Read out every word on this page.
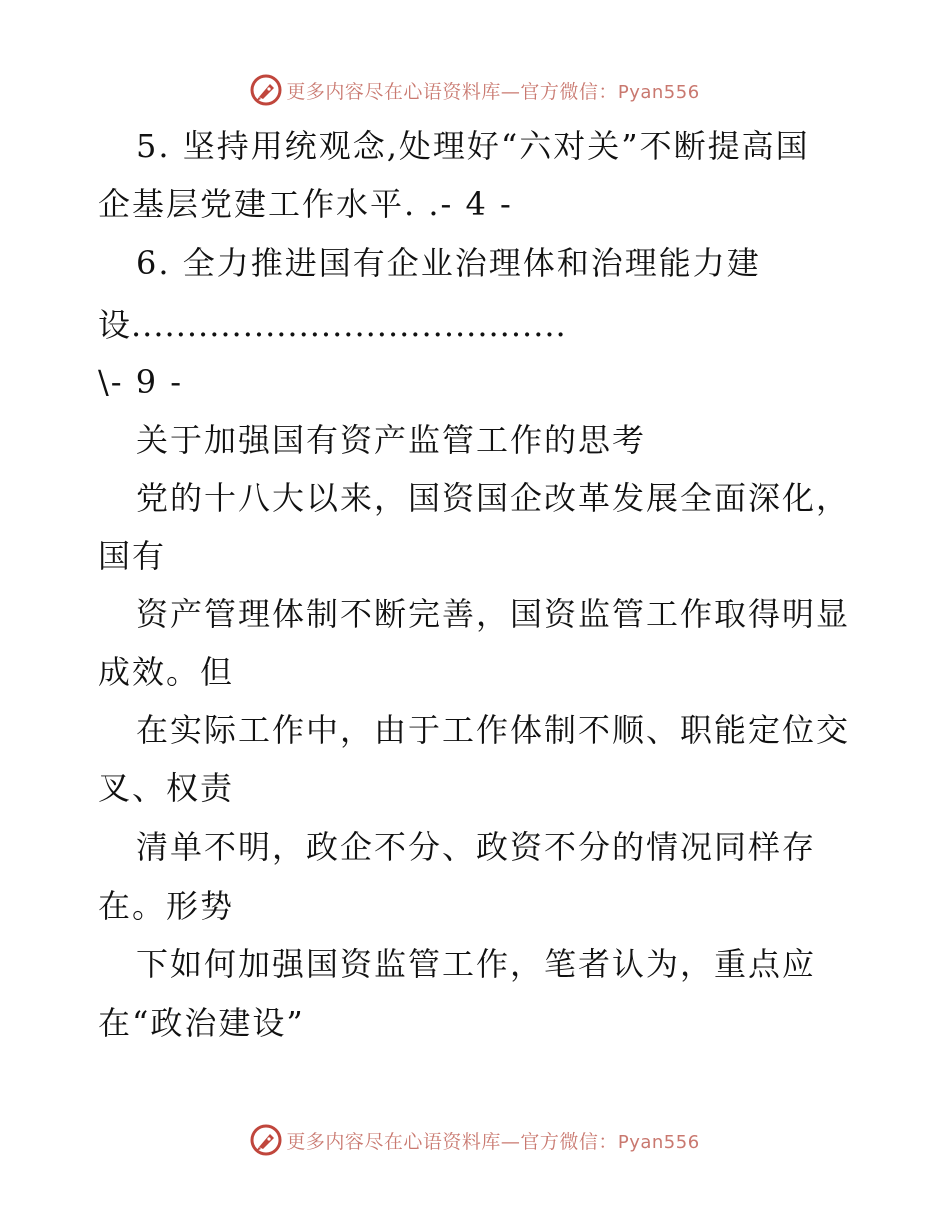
更多内容尽在心语资料库—官方微信：Pyan556
5. 坚持用统观念,处理好“六对关”不断提高国
企基层党建工作水平. .- 4 -
6. 全力推进国有企业治理体和治理能力建
设.......................................
\- 9 -
关于加强国有资产监管工作的思考
党的十八大以来，国资国企改革发展全面深化，
国有
资产管理体制不断完善，国资监管工作取得明显
成效。但
在实际工作中，由于工作体制不顺、职能定位交
叉、权责
清单不明，政企不分、政资不分的情况同样存
在。形势
下如何加强国资监管工作，笔者认为，重点应
在“政治建设”
更多内容尽在心语资料库—官方微信：Pyan556
